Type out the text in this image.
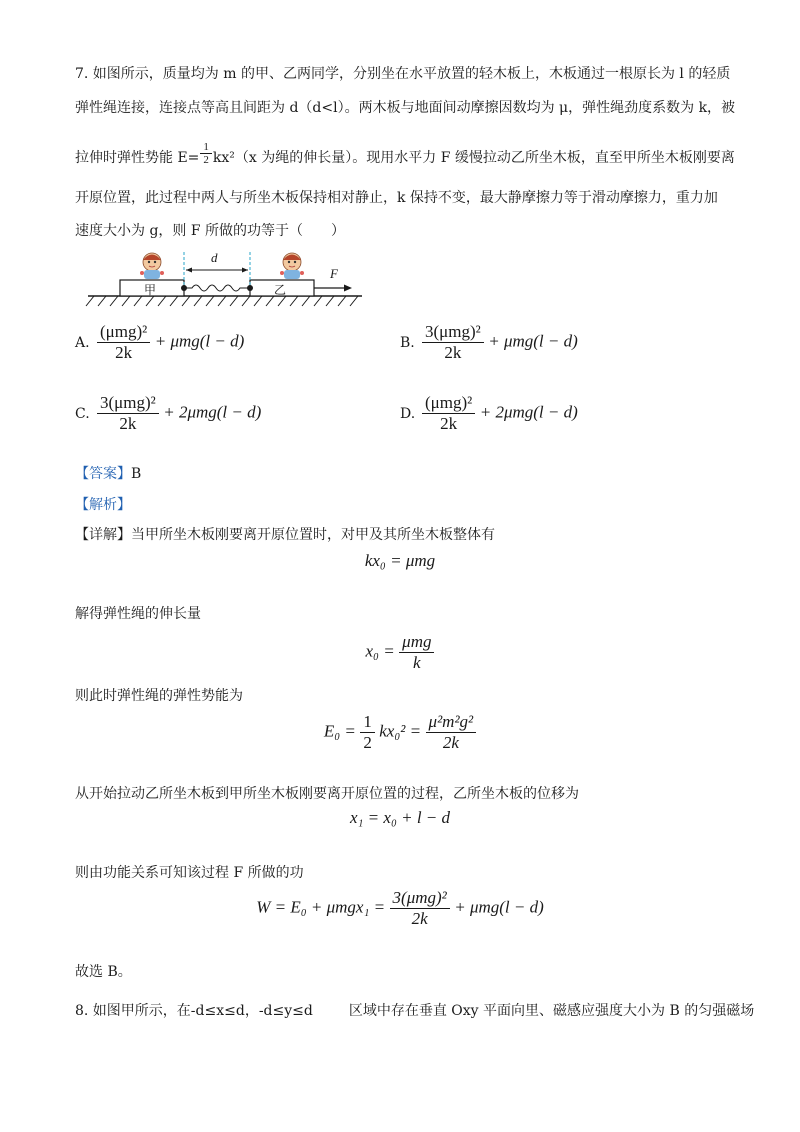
7. 如图所示，质量均为 m 的甲、乙两同学，分别坐在水平放置的轻木板上，木板通过一根原长为 l 的轻质
弹性绳连接，连接点等高且间距为 d（d<l）。两木板与地面间动摩擦因数均为 μ，弹性绳劲度系数为 k，被
拉伸时弹性势能 $E= \frac{1}{2} kx^2(x$ 为绳的伸长量）。现用水平力 F 缓慢拉动乙所坐木板，直至甲所坐木板刚要离
开原位置，此过程中两人与所坐木板保持相对静止，k 保持不变，最大静摩擦力等于滑动摩擦力，重力加
速度大小为 g，则 F 所做的功等于（　　）
甲	乙
d
F
A. $\frac{\text{(μmg)²}}{2k} + \mu mg(l - d)$	B. $\frac{\text{3(μmg)²}}{2k} + \mu mg(l - d)$
C. $\frac{\text{3(μmg)²}}{2k} + 2\mu mg(l - d)$	D. $\frac{\text{(μmg)²}}{2k} + 2\mu mg(l - d)$
【答案】B
【解析】
【详解】当甲所坐木板刚要离开原位置时，对甲及其所坐木板整体有
kx₀ = μmg
解得弹性绳的伸长量
$x_0 = \frac{\text{μmg}}{k}$
则此时弹性绳的弹性势能为
$E_0 = \frac{1}{2} kx_0^2 = \frac{\text{μ²m²g²}}{2k}$
从开始拉动乙所坐木板到甲所坐木板刚要离开原位置的过程，乙所坐木板的位移为
x₁ = x₀ + l − d
则由功能关系可知该过程 F 所做的功
$W = E_0 + \mu mgx_1 = \frac{\text{3(μmg)²}}{2k} + \mu mg(l - d)$
故选 B。
8. 如图甲所示，在-d≤x≤d，-d≤y≤d	区域中存在垂直 Oxy 平面向里、磁感应强度大小为 B 的匀强磁场
